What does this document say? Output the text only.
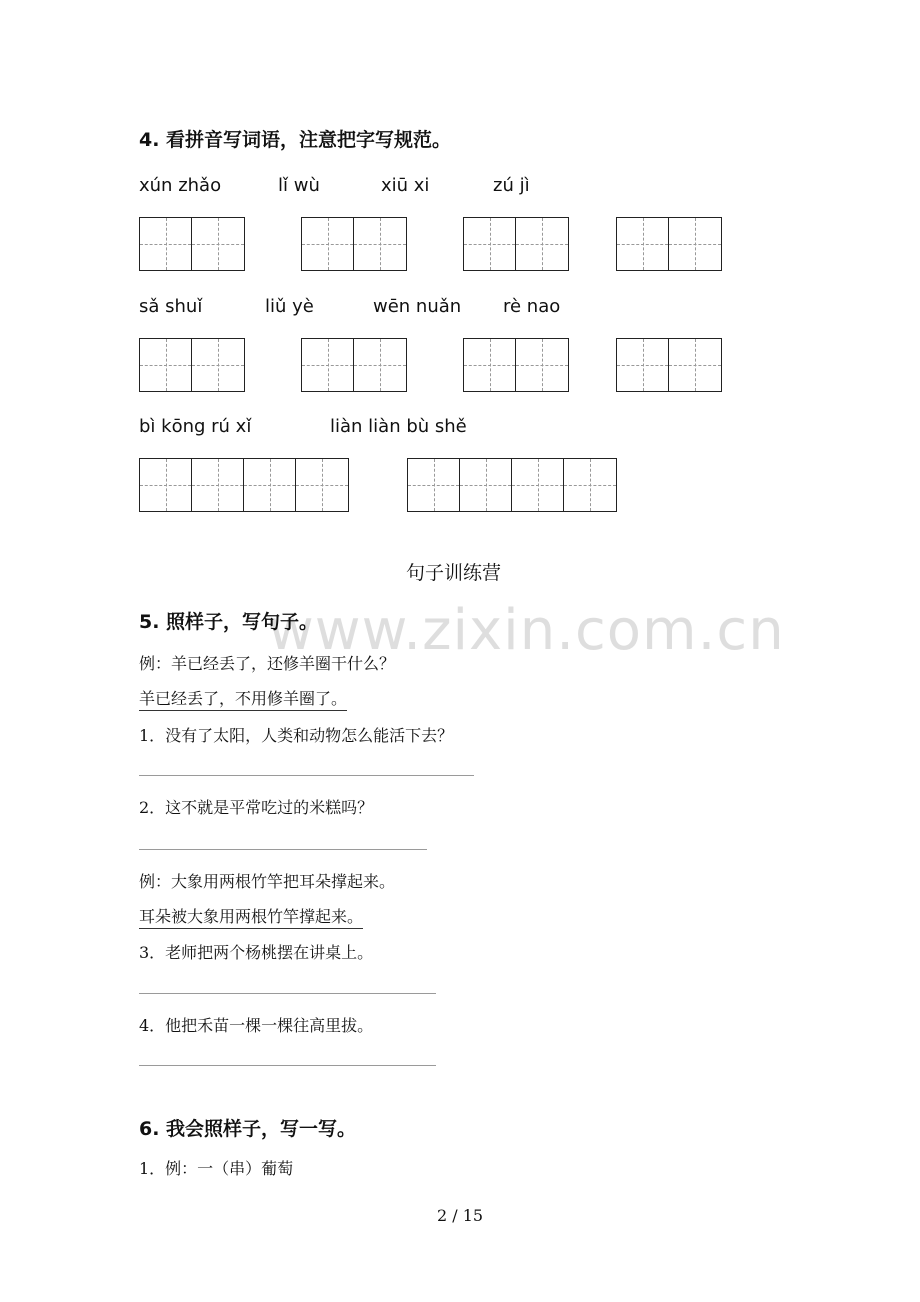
4. 看拼音写词语，注意把字写规范。
xún zhǎo	lǐ wù	xiū xi	zú jì
sǎ shuǐ	liǔ yè	wēn nuǎn rè nao
bì kōng rú xǐ	liàn liàn bù shě
句子训练营
www.zixin.com.cn
5. 照样子，写句子。
例：羊已经丢了，还修羊圈干什么？
羊已经丢了，不用修羊圈了。
1．没有了太阳，人类和动物怎么能活下去？
2．这不就是平常吃过的米糕吗？
例：大象用两根竹竿把耳朵撑起来。
耳朵被大象用两根竹竿撑起来。
3．老师把两个杨桃摆在讲桌上。
4．他把禾苗一棵一棵往高里拔。
6. 我会照样子，写一写。
1．例：一（串）葡萄
2 / 15
